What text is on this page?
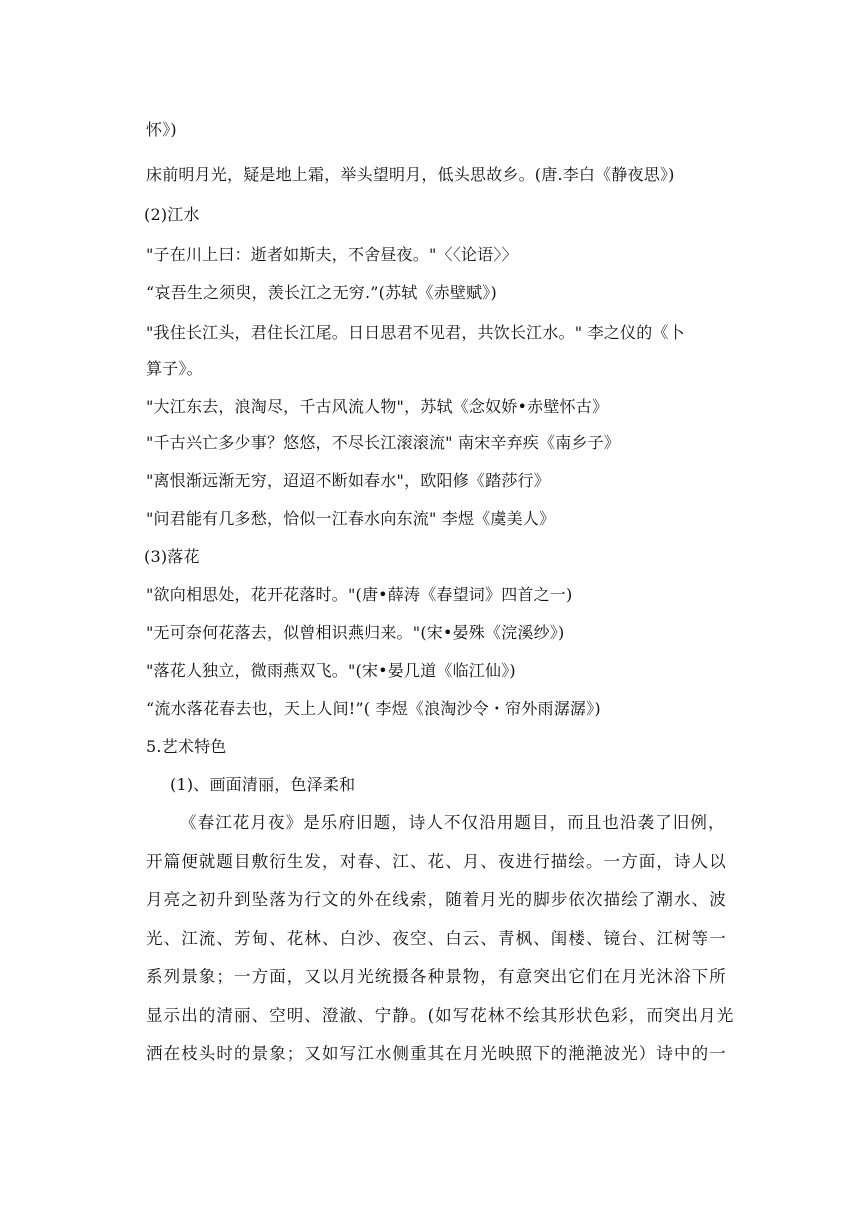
怀》)
床前明月光，疑是地上霜，举头望明月，低头思故乡。(唐.李白《静夜思》)
(2)江水
"子在川上曰：逝者如斯夫，不舍昼夜。"〈〈论语〉〉
“哀吾生之须臾，羡长江之无穷.”(苏轼《赤壁赋》)
"我住长江头，君住长江尾。日日思君不见君，共饮长江水。" 李之仪的《卜
算子》。
"大江东去，浪淘尽，千古风流人物"，苏轼《念奴娇•赤壁怀古》
"千古兴亡多少事？悠悠，不尽长江滚滚流" 南宋辛弃疾《南乡子》
"离恨渐远渐无穷，迢迢不断如春水"，欧阳修《踏莎行》
"问君能有几多愁，恰似一江春水向东流" 李煜《虞美人》
(3)落花
"欲向相思处，花开花落时。"(唐•薛涛《春望词》四首之一)
"无可奈何花落去，似曾相识燕归来。"(宋•晏殊《浣溪纱》)
"落花人独立，微雨燕双飞。"(宋•晏几道《临江仙》)
“流水落花春去也，天上人间!”( 李煜《浪淘沙令・帘外雨潺潺》)
5.艺术特色
(1)、画面清丽，色泽柔和
《春江花月夜》是乐府旧题，诗人不仅沿用题目，而且也沿袭了旧例，
开篇便就题目敷衍生发，对春、江、花、月、夜进行描绘。一方面，诗人以
月亮之初升到坠落为行文的外在线索，随着月光的脚步依次描绘了潮水、波
光、江流、芳甸、花林、白沙、夜空、白云、青枫、闺楼、镜台、江树等一
系列景象；一方面，又以月光统摄各种景物，有意突出它们在月光沐浴下所
显示出的清丽、空明、澄澈、宁静。(如写花林不绘其形状色彩，而突出月光
洒在枝头时的景象；又如写江水侧重其在月光映照下的滟滟波光）诗中的一
